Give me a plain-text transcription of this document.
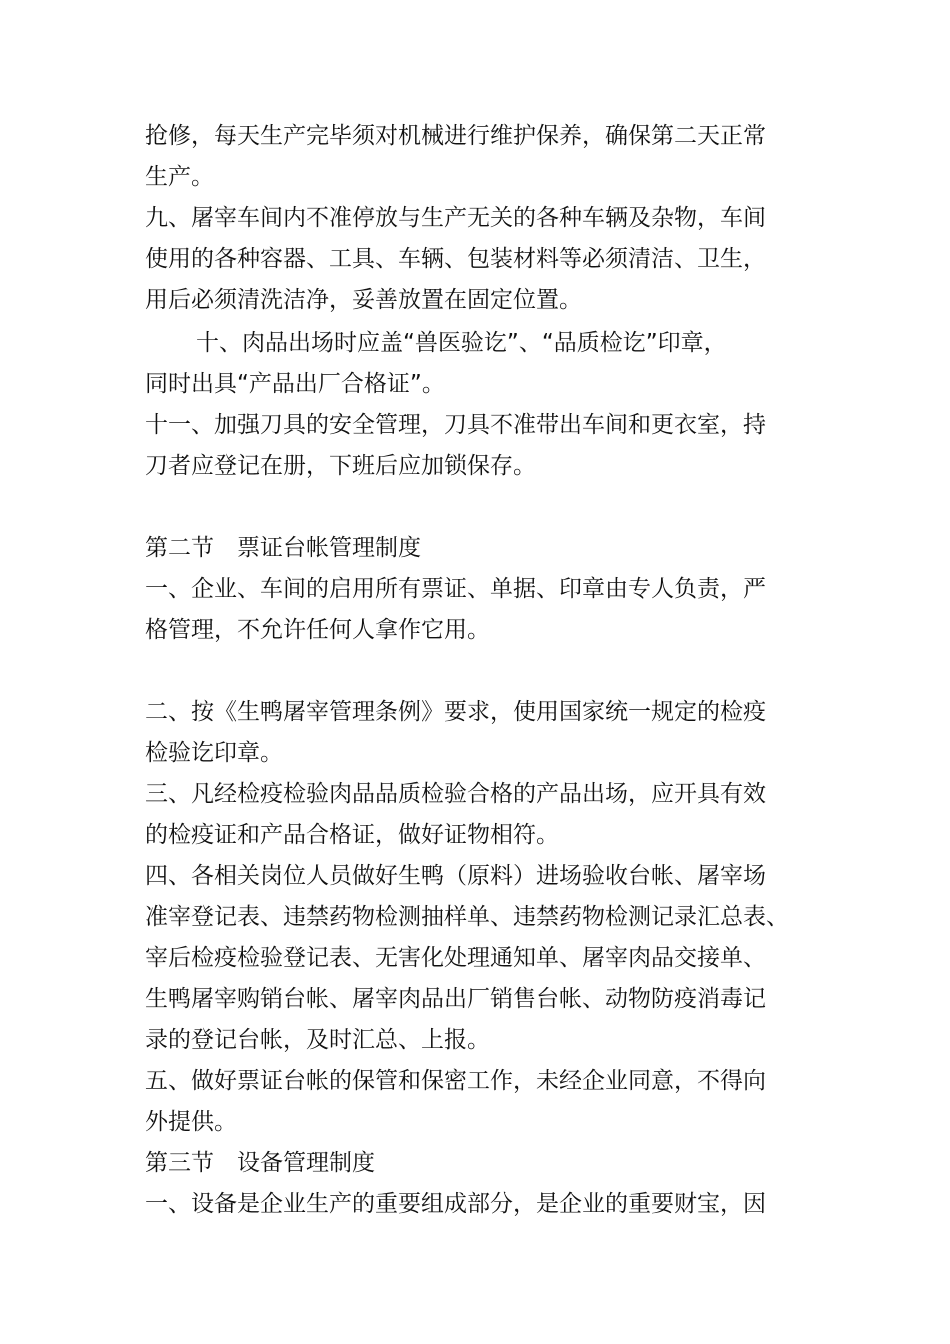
抢修，每天生产完毕须对机械进行维护保养，确保第二天正常

生产。

九、屠宰车间内不准停放与生产无关的各种车辆及杂物，车间

使用的各种容器、工具、车辆、包装材料等必须清洁、卫生，

用后必须清洗洁净，妥善放置在固定位置。

十、肉品出场时应盖“兽医验讫”、“品质检讫”印章，

同时出具“产品出厂合格证”。

十一、加强刀具的安全管理，刀具不准带出车间和更衣室，持

刀者应登记在册，下班后应加锁保存。

第二节　票证台帐管理制度

一、企业、车间的启用所有票证、单据、印章由专人负责，严

格管理，不允许任何人拿作它用。

二、按《生鸭屠宰管理条例》要求，使用国家统一规定的检疫

检验讫印章。

三、凡经检疫检验肉品品质检验合格的产品出场，应开具有效

的检疫证和产品合格证，做好证物相符。

四、各相关岗位人员做好生鸭（原料）进场验收台帐、屠宰场

准宰登记表、违禁药物检测抽样单、违禁药物检测记录汇总表、

宰后检疫检验登记表、无害化处理通知单、屠宰肉品交接单、

生鸭屠宰购销台帐、屠宰肉品出厂销售台帐、动物防疫消毒记

录的登记台帐，及时汇总、上报。

五、做好票证台帐的保管和保密工作，未经企业同意，不得向

外提供。

第三节　设备管理制度

一、设备是企业生产的重要组成部分，是企业的重要财宝，因
